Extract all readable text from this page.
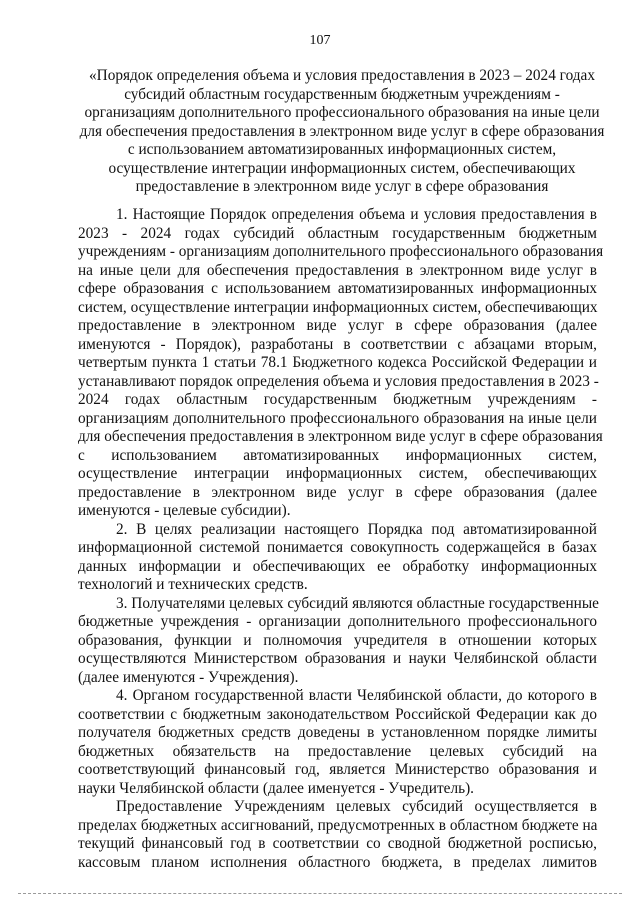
107
«Порядок определения объема и условия предоставления в 2023 – 2024 годах
субсидий областным государственным бюджетным учреждениям -
организациям дополнительного профессионального образования на иные цели
для обеспечения предоставления в электронном виде услуг в сфере образования
с использованием автоматизированных информационных систем,
осуществление интеграции информационных систем, обеспечивающих
предоставление в электронном виде услуг в сфере образования
1. Настоящие Порядок определения объема и условия предоставления в
2023 - 2024 годах субсидий областным государственным бюджетным
учреждениям - организациям дополнительного профессионального образования
на иные цели для обеспечения предоставления в электронном виде услуг в
сфере образования с использованием автоматизированных информационных
систем, осуществление интеграции информационных систем, обеспечивающих
предоставление в электронном виде услуг в сфере образования (далее
именуются - Порядок), разработаны в соответствии с абзацами вторым,
четвертым пункта 1 статьи 78.1 Бюджетного кодекса Российской Федерации и
устанавливают порядок определения объема и условия предоставления в 2023 -
2024 годах областным государственным бюджетным учреждениям -
организациям дополнительного профессионального образования на иные цели
для обеспечения предоставления в электронном виде услуг в сфере образования
с использованием автоматизированных информационных систем,
осуществление интеграции информационных систем, обеспечивающих
предоставление в электронном виде услуг в сфере образования (далее
именуются - целевые субсидии).
2. В целях реализации настоящего Порядка под автоматизированной
информационной системой понимается совокупность содержащейся в базах
данных информации и обеспечивающих ее обработку информационных
технологий и технических средств.
3. Получателями целевых субсидий являются областные государственные
бюджетные учреждения - организации дополнительного профессионального
образования, функции и полномочия учредителя в отношении которых
осуществляются Министерством образования и науки Челябинской области
(далее именуются - Учреждения).
4. Органом государственной власти Челябинской области, до которого в
соответствии с бюджетным законодательством Российской Федерации как до
получателя бюджетных средств доведены в установленном порядке лимиты
бюджетных обязательств на предоставление целевых субсидий на
соответствующий финансовый год, является Министерство образования и
науки Челябинской области (далее именуется - Учредитель).
Предоставление Учреждениям целевых субсидий осуществляется в
пределах бюджетных ассигнований, предусмотренных в областном бюджете на
текущий финансовый год в соответствии со сводной бюджетной росписью,
кассовым планом исполнения областного бюджета, в пределах лимитов
